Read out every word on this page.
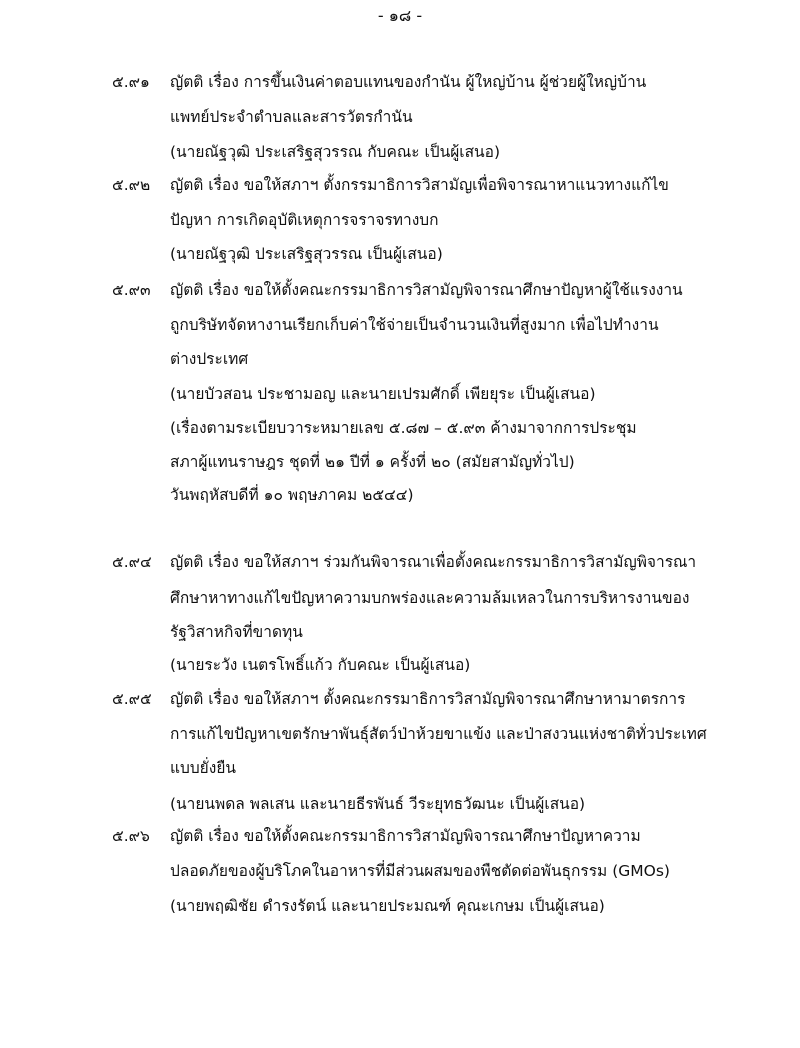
- ๑๘ -
๕.๙๑ ญัตติ เรื่อง การขึ้นเงินค่าตอบแทนของกำนัน ผู้ใหญ่บ้าน ผู้ช่วยผู้ใหญ่บ้าน
แพทย์ประจำตำบลและสารวัตรกำนัน
(นายณัฐวุฒิ ประเสริฐสุวรรณ กับคณะ เป็นผู้เสนอ)
๕.๙๒ ญัตติ เรื่อง ขอให้สภาฯ ตั้งกรรมาธิการวิสามัญเพื่อพิจารณาหาแนวทางแก้ไข
ปัญหา การเกิดอุบัติเหตุการจราจรทางบก
(นายณัฐวุฒิ ประเสริฐสุวรรณ เป็นผู้เสนอ)
๕.๙๓ ญัตติ เรื่อง ขอให้ตั้งคณะกรรมาธิการวิสามัญพิจารณาศึกษาปัญหาผู้ใช้แรงงาน
ถูกบริษัทจัดหางานเรียกเก็บค่าใช้จ่ายเป็นจำนวนเงินที่สูงมาก เพื่อไปทำงาน
ต่างประเทศ
(นายบัวสอน ประชามอญ และนายเปรมศักดิ์ เพียยุระ เป็นผู้เสนอ)
(เรื่องตามระเบียบวาระหมายเลข ๕.๘๗ – ๕.๙๓ ค้างมาจากการประชุม
สภาผู้แทนราษฎร ชุดที่ ๒๑ ปีที่ ๑ ครั้งที่ ๒๐ (สมัยสามัญทั่วไป)
วันพฤหัสบดีที่ ๑๐ พฤษภาคม ๒๕๔๔)
๕.๙๔ ญัตติ เรื่อง ขอให้สภาฯ ร่วมกันพิจารณาเพื่อตั้งคณะกรรมาธิการวิสามัญพิจารณา
ศึกษาหาทางแก้ไขปัญหาความบกพร่องและความล้มเหลวในการบริหารงานของ
รัฐวิสาหกิจที่ขาดทุน
(นายระวัง เนตรโพธิ์แก้ว กับคณะ เป็นผู้เสนอ)
๕.๙๕ ญัตติ เรื่อง ขอให้สภาฯ ตั้งคณะกรรมาธิการวิสามัญพิจารณาศึกษาหามาตรการ
การแก้ไขปัญหาเขตรักษาพันธุ์สัตว์ป่าห้วยขาแข้ง และป่าสงวนแห่งชาติทั่วประเทศ
แบบยั่งยืน
(นายนพดล พลเสน และนายธีรพันธ์ วีระยุทธวัฒนะ เป็นผู้เสนอ)
๕.๙๖ ญัตติ เรื่อง ขอให้ตั้งคณะกรรมาธิการวิสามัญพิจารณาศึกษาปัญหาความ
ปลอดภัยของผู้บริโภคในอาหารที่มีส่วนผสมของพืชตัดต่อพันธุกรรม (GMOs)
(นายพฤฒิชัย ดำรงรัตน์ และนายประมณฑ์ คุณะเกษม เป็นผู้เสนอ)
